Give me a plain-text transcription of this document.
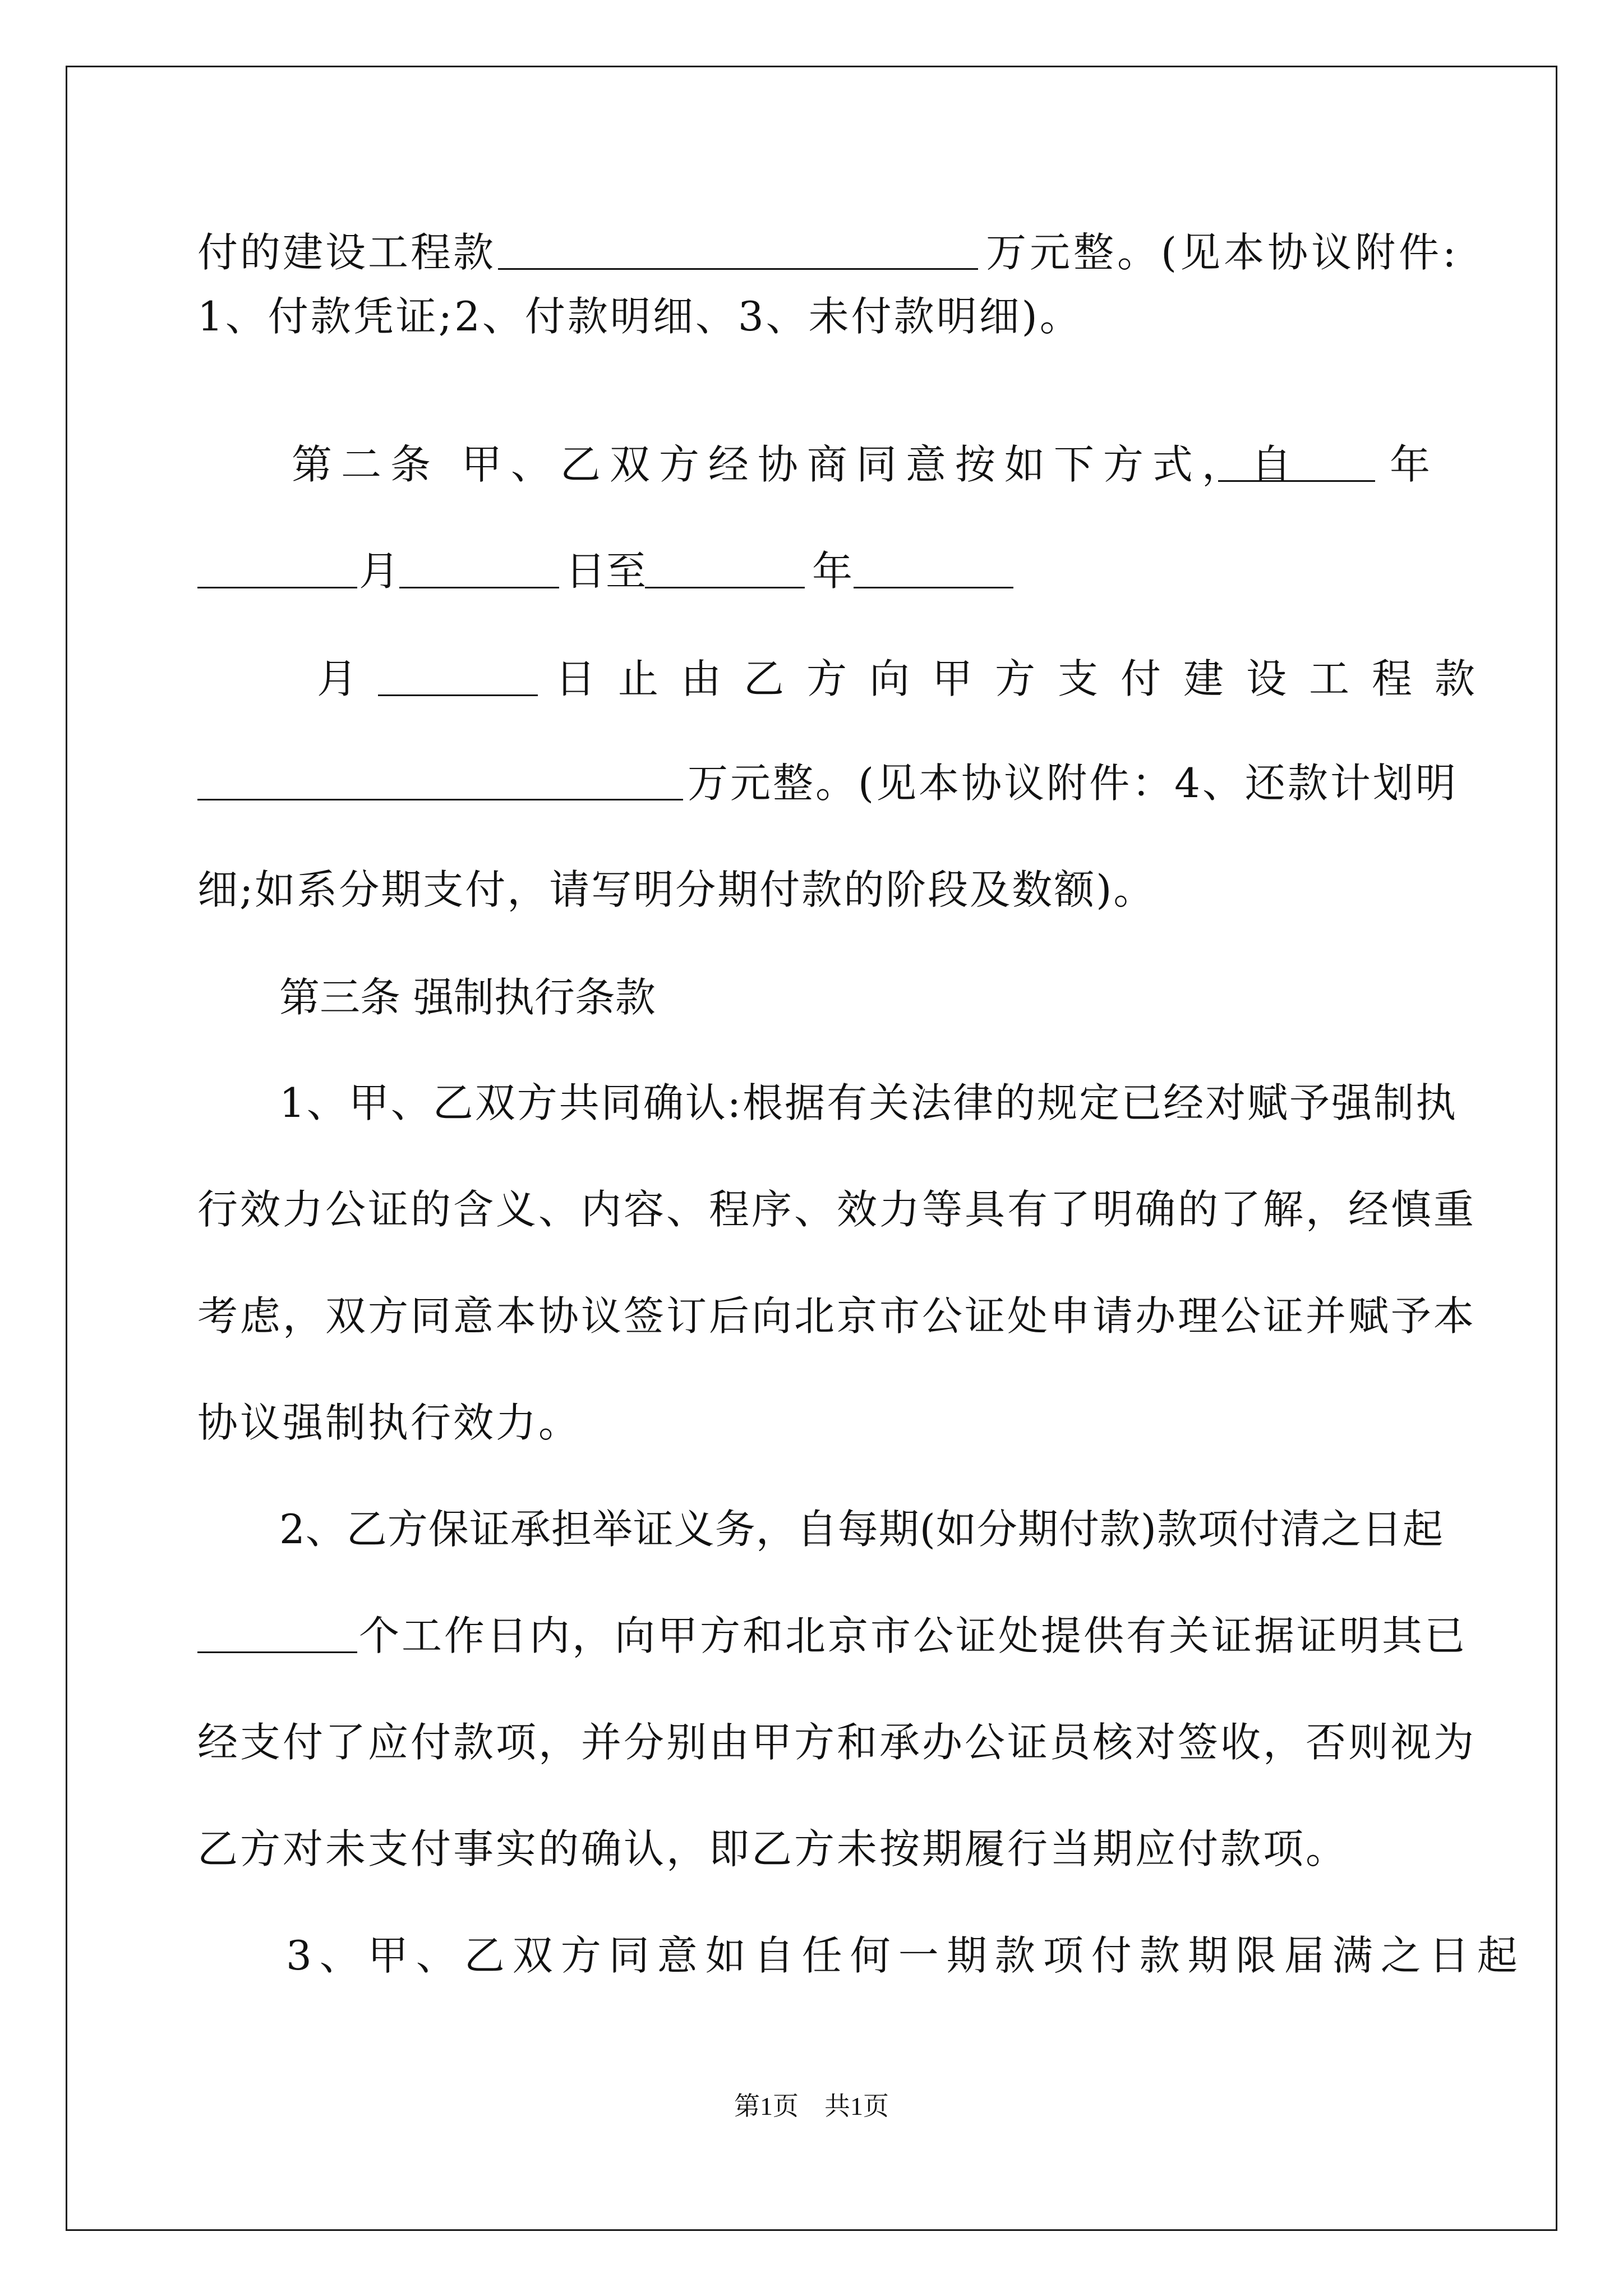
付的建设工程款	万元整。(见本协议附件:
1、付款凭证;2、付款明细、3、未付款明细)。
第二条 甲、乙双方经协商同意按如下方式，自 年
月	日至	年
月	日止由乙方向甲方支付建设工程款
万元整。(见本协议附件：4、还款计划明
细;如系分期支付，请写明分期付款的阶段及数额)。
第三条 强制执行条款
1、甲、乙双方共同确认:根据有关法律的规定已经对赋予强制执
行效力公证的含义、内容、程序、效力等具有了明确的了解，经慎重
考虑，双方同意本协议签订后向北京市公证处申请办理公证并赋予本
协议强制执行效力。
2、乙方保证承担举证义务，自每期(如分期付款)款项付清之日起
个工作日内，向甲方和北京市公证处提供有关证据证明其已
经支付了应付款项，并分别由甲方和承办公证员核对签收，否则视为
乙方对未支付事实的确认，即乙方未按期履行当期应付款项。
3、甲、乙双方同意如自任何一期款项付款期限届满之日起
第1页　共1页
